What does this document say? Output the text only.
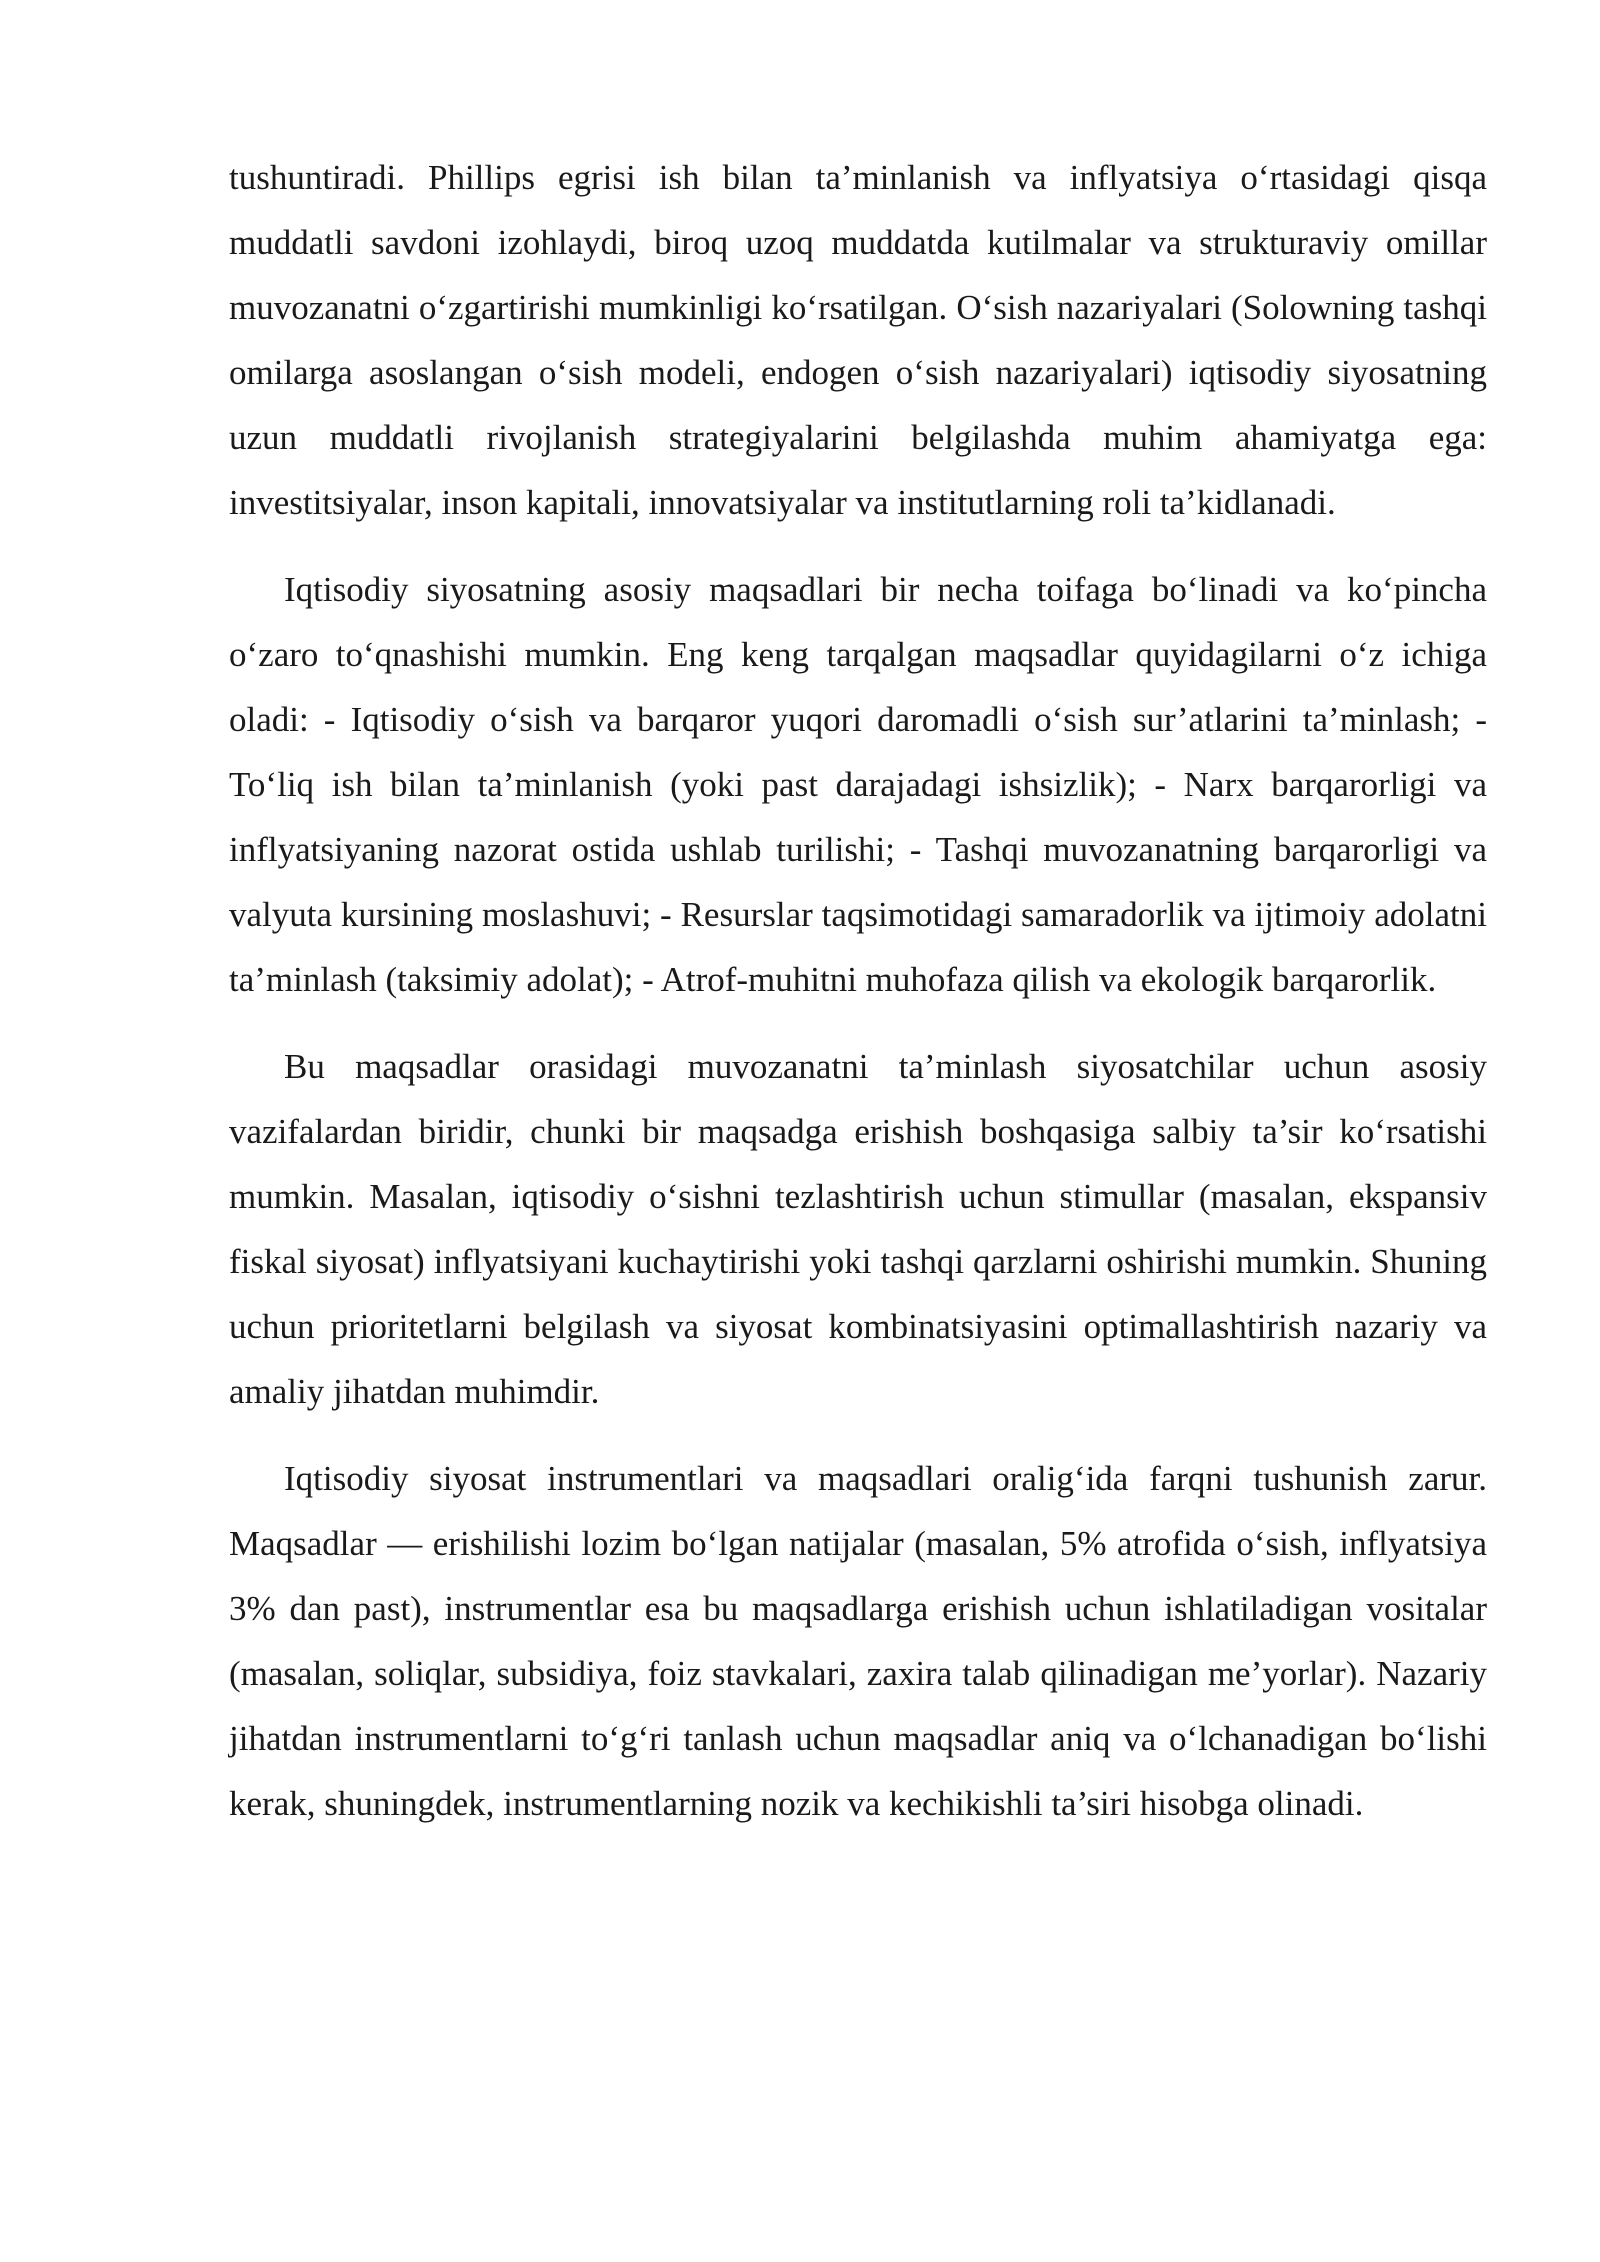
tushuntiradi. Phillips egrisi ish bilan ta’minlanish va inflyatsiya o‘rtasidagi qisqa muddatli savdoni izohlaydi, biroq uzoq muddatda kutilmalar va strukturaviy omillar muvozanatni o‘zgartirishi mumkinligi ko‘rsatilgan. O‘sish nazariyalari (Solowning tashqi omilarga asoslangan o‘sish modeli, endogen o‘sish nazariyalari) iqtisodiy siyosatning uzun muddatli rivojlanish strategiyalarini belgilashda muhim ahamiyatga ega: investitsiyalar, inson kapitali, innovatsiyalar va institutlarning roli ta’kidlanadi.

Iqtisodiy siyosatning asosiy maqsadlari bir necha toifaga bo‘linadi va ko‘pincha o‘zaro to‘qnashishi mumkin. Eng keng tarqalgan maqsadlar quyidagilarni o‘z ichiga oladi: - Iqtisodiy o‘sish va barqaror yuqori daromadli o‘sish sur’atlarini ta’minlash; - To‘liq ish bilan ta’minlanish (yoki past darajadagi ishsizlik); - Narx barqarorligi va inflyatsiyaning nazorat ostida ushlab turilishi; - Tashqi muvozanatning barqarorligi va valyuta kursining moslashuvi; - Resurslar taqsimotidagi samaradorlik va ijtimoiy adolatni ta’minlash (taksimiy adolat); - Atrof-muhitni muhofaza qilish va ekologik barqarorlik.

Bu maqsadlar orasidagi muvozanatni ta’minlash siyosatchilar uchun asosiy vazifalardan biridir, chunki bir maqsadga erishish boshqasiga salbiy ta’sir ko‘rsatishi mumkin. Masalan, iqtisodiy o‘sishni tezlashtirish uchun stimullar (masalan, ekspansiv fiskal siyosat) inflyatsiyani kuchaytirishi yoki tashqi qarzlarni oshirishi mumkin. Shuning uchun prioritetlarni belgilash va siyosat kombinatsiyasini optimallashtirish nazariy va amaliy jihatdan muhimdir.

Iqtisodiy siyosat instrumentlari va maqsadlari oralig‘ida farqni tushunish zarur. Maqsadlar — erishilishi lozim bo‘lgan natijalar (masalan, 5% atrofida o‘sish, inflyatsiya 3% dan past), instrumentlar esa bu maqsadlarga erishish uchun ishlatiladigan vositalar (masalan, soliqlar, subsidiya, foiz stavkalari, zaxira talab qilinadigan me’yorlar). Nazariy jihatdan instrumentlarni to‘g‘ri tanlash uchun maqsadlar aniq va o‘lchanadigan bo‘lishi kerak, shuningdek, instrumentlarning nozik va kechikishli ta’siri hisobga olinadi.
